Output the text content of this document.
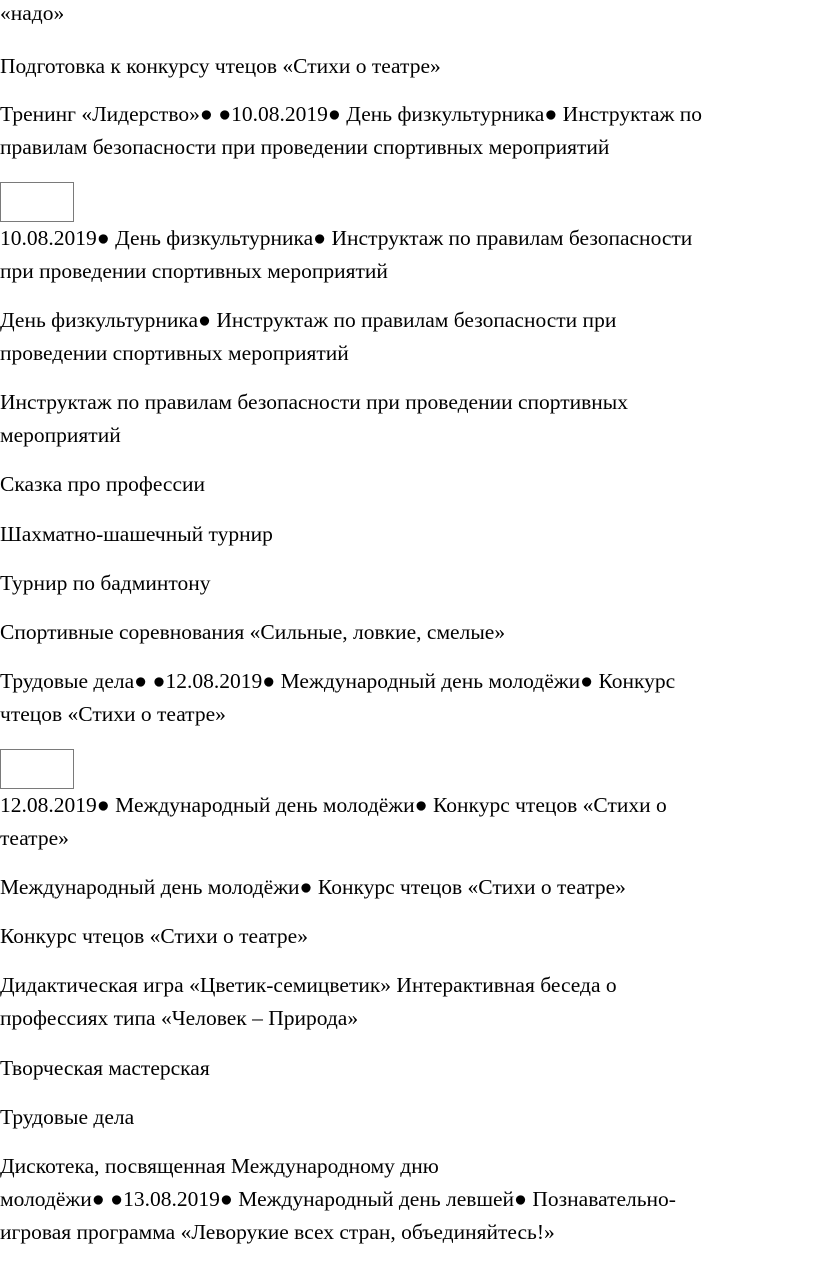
«надо»

Подготовка к конкурсу чтецов «Стихи о театре»

Тренинг «Лидерство»● ●10.08.2019● День физкультурника● Инструктаж по
правилам безопасности при проведении спортивных мероприятий

10.08.2019● День физкультурника● Инструктаж по правилам безопасности
при проведении спортивных мероприятий

День физкультурника● Инструктаж по правилам безопасности при
проведении спортивных мероприятий

Инструктаж по правилам безопасности при проведении спортивных
мероприятий

Сказка про профессии

Шахматно-шашечный турнир

Турнир по бадминтону

Спортивные соревнования «Сильные, ловкие, смелые»

Трудовые дела● ●12.08.2019● Международный день молодёжи● Конкурс
чтецов «Стихи о театре»

12.08.2019● Международный день молодёжи● Конкурс чтецов «Стихи о
театре»

Международный день молодёжи● Конкурс чтецов «Стихи о театре»

Конкурс чтецов «Стихи о театре»

Дидактическая игра «Цветик-семицветик» Интерактивная беседа о
профессиях типа «Человек – Природа»

Творческая мастерская

Трудовые дела

Дискотека, посвященная Международному дню
молодёжи● ●13.08.2019● Международный день левшей● Познавательно-
игровая программа «Леворукие всех стран, объединяйтесь!»
